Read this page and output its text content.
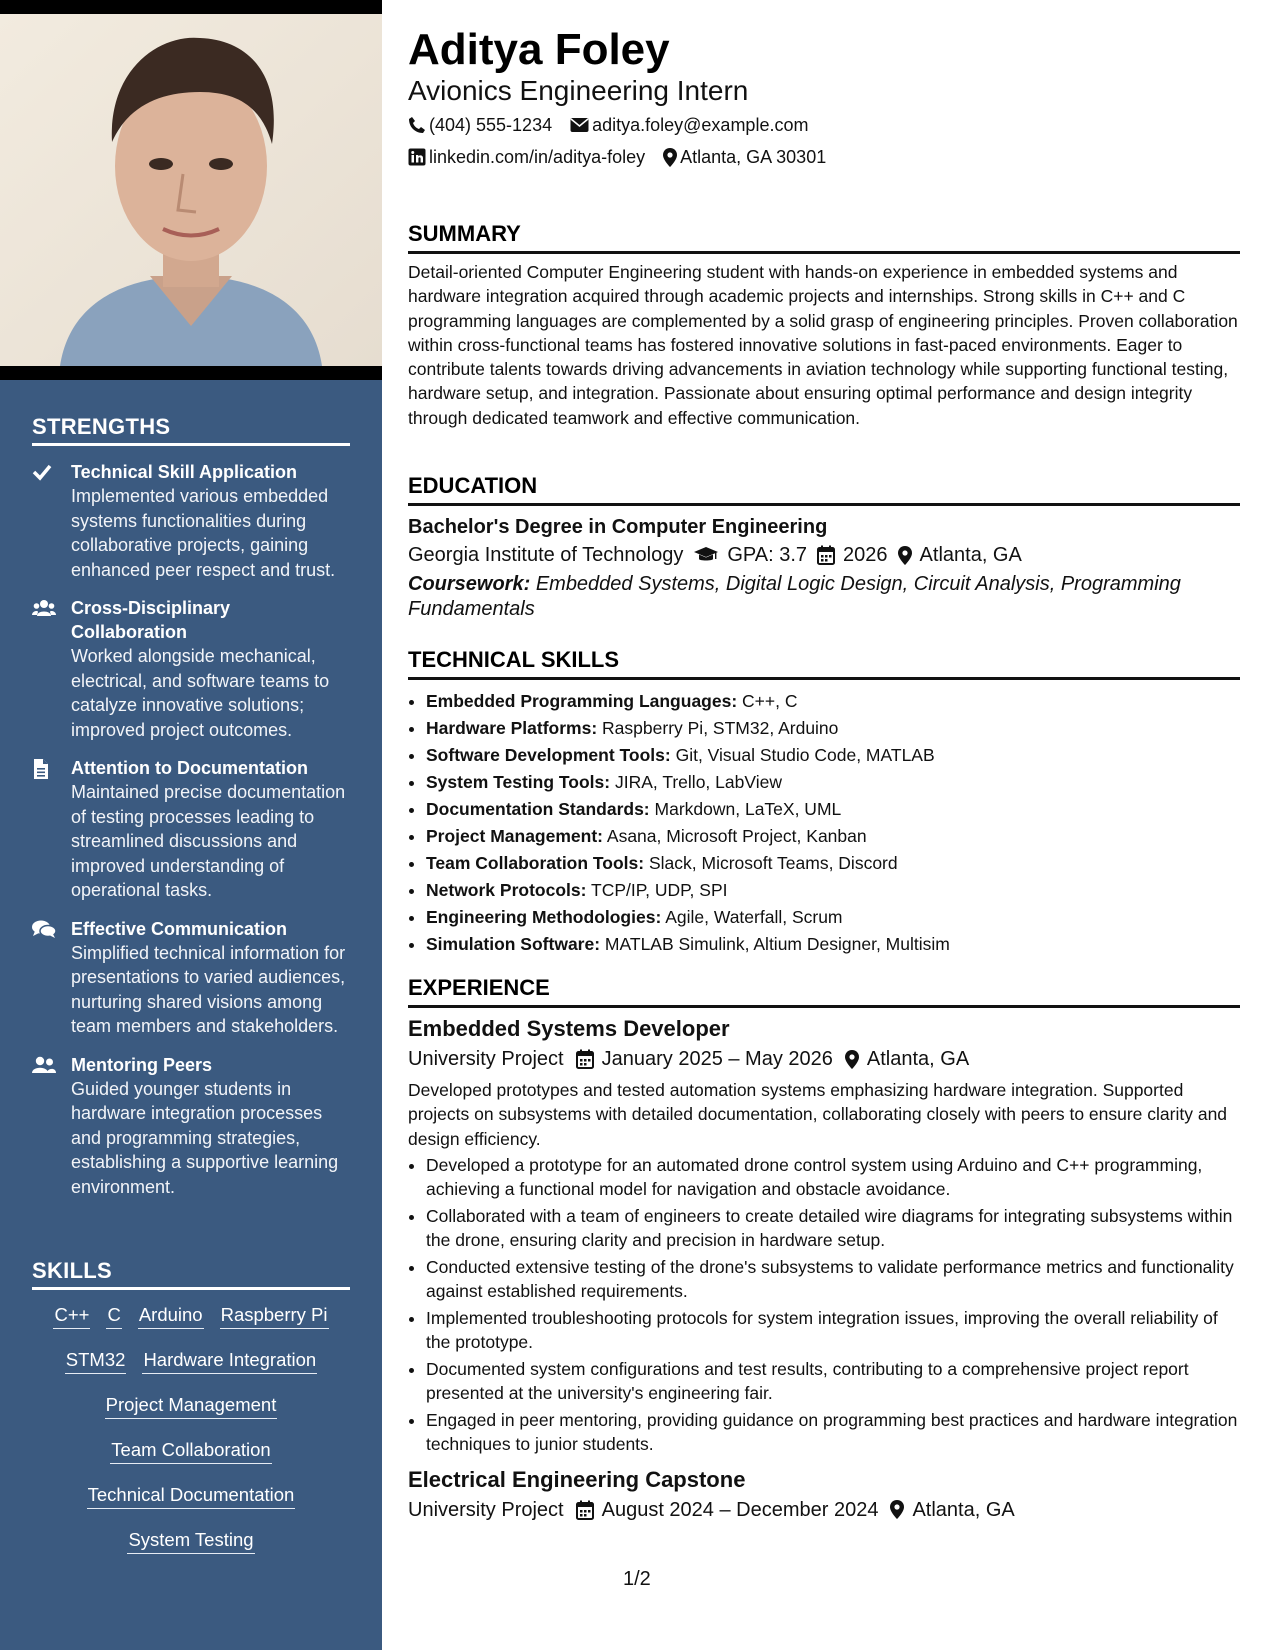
STRENGTHS
Technical Skill Application
Implemented various embedded systems functionalities during collaborative projects, gaining enhanced peer respect and trust.
Cross-Disciplinary Collaboration
Worked alongside mechanical, electrical, and software teams to catalyze innovative solutions; improved project outcomes.
Attention to Documentation
Maintained precise documentation of testing processes leading to streamlined discussions and improved understanding of operational tasks.
Effective Communication
Simplified technical information for presentations to varied audiences, nurturing shared visions among team members and stakeholders.
Mentoring Peers
Guided younger students in hardware integration processes and programming strategies, establishing a supportive learning environment.
SKILLS
C++ C Arduino Raspberry Pi
STM32 Hardware Integration
Project Management
Team Collaboration
Technical Documentation
System Testing
Aditya Foley
Avionics Engineering Intern
(404) 555-1234 aditya.foley@example.com
linkedin.com/in/aditya-foley Atlanta, GA 30301
SUMMARY
Detail-oriented Computer Engineering student with hands-on experience in embedded systems and hardware integration acquired through academic projects and internships. Strong skills in C++ and C programming languages are complemented by a solid grasp of engineering principles. Proven collaboration within cross-functional teams has fostered innovative solutions in fast-paced environments. Eager to contribute talents towards driving advancements in aviation technology while supporting functional testing, hardware setup, and integration. Passionate about ensuring optimal performance and design integrity through dedicated teamwork and effective communication.
EDUCATION
Bachelor's Degree in Computer Engineering
Georgia Institute of Technology GPA: 3.7 2026 Atlanta, GA
Coursework: Embedded Systems, Digital Logic Design, Circuit Analysis, Programming Fundamentals
TECHNICAL SKILLS
• Embedded Programming Languages: C++, C
• Hardware Platforms: Raspberry Pi, STM32, Arduino
• Software Development Tools: Git, Visual Studio Code, MATLAB
• System Testing Tools: JIRA, Trello, LabView
• Documentation Standards: Markdown, LaTeX, UML
• Project Management: Asana, Microsoft Project, Kanban
• Team Collaboration Tools: Slack, Microsoft Teams, Discord
• Network Protocols: TCP/IP, UDP, SPI
• Engineering Methodologies: Agile, Waterfall, Scrum
• Simulation Software: MATLAB Simulink, Altium Designer, Multisim
EXPERIENCE
Embedded Systems Developer
University Project January 2025 – May 2026 Atlanta, GA
Developed prototypes and tested automation systems emphasizing hardware integration. Supported projects on subsystems with detailed documentation, collaborating closely with peers to ensure clarity and design efficiency.
• Developed a prototype for an automated drone control system using Arduino and C++ programming, achieving a functional model for navigation and obstacle avoidance.
• Collaborated with a team of engineers to create detailed wire diagrams for integrating subsystems within the drone, ensuring clarity and precision in hardware setup.
• Conducted extensive testing of the drone's subsystems to validate performance metrics and functionality against established requirements.
• Implemented troubleshooting protocols for system integration issues, improving the overall reliability of the prototype.
• Documented system configurations and test results, contributing to a comprehensive project report presented at the university's engineering fair.
• Engaged in peer mentoring, providing guidance on programming best practices and hardware integration techniques to junior students.
Electrical Engineering Capstone
University Project August 2024 – December 2024 Atlanta, GA
1/2
